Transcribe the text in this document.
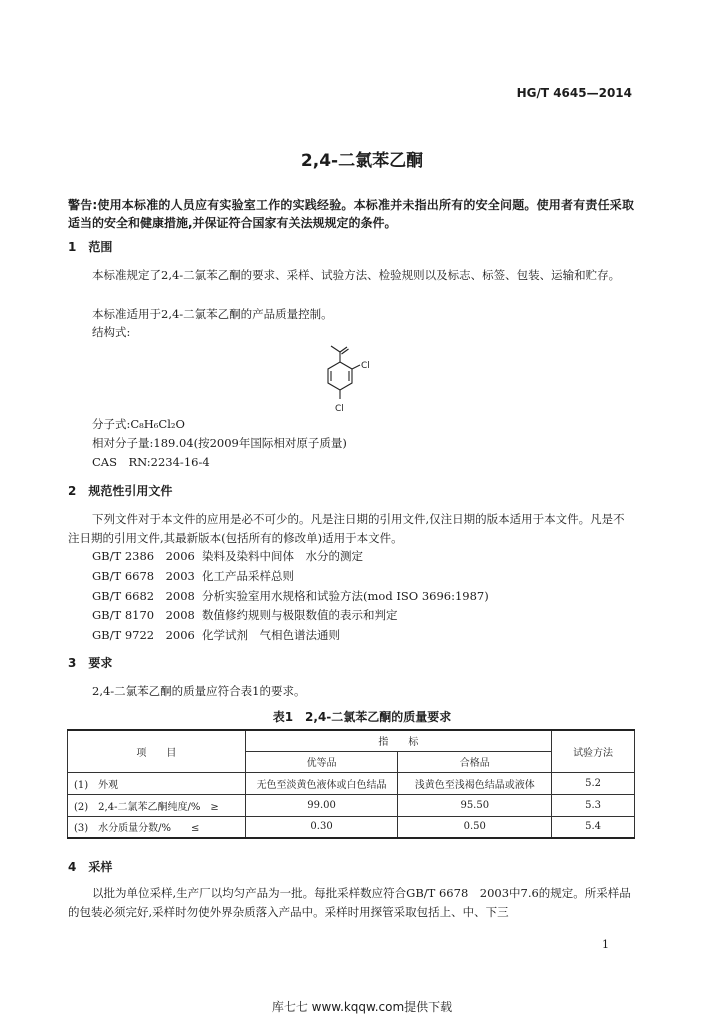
HG/T 4645—2014
2,4-二氯苯乙酮
警告:使用本标准的人员应有实验室工作的实践经验。本标准并未指出所有的安全问题。使用者有责任采取适当的安全和健康措施,并保证符合国家有关法规规定的条件。
1　范围
本标准规定了2,4-二氯苯乙酮的要求、采样、试验方法、检验规则以及标志、标签、包装、运输和贮存。
本标准适用于2,4-二氯苯乙酮的产品质量控制。
结构式:
Cl
Cl
分子式:C₈H₆Cl₂O
相对分子量:189.04(按2009年国际相对原子质量)
CAS　RN:2234-16-4
2　规范性引用文件
下列文件对于本文件的应用是必不可少的。凡是注日期的引用文件,仅注日期的版本适用于本文件。凡是不注日期的引用文件,其最新版本(包括所有的修改单)适用于本文件。
GB/T 2386　2006 染料及染料中间体　水分的测定
GB/T 6678　2003 化工产品采样总则
GB/T 6682　2008 分析实验室用水规格和试验方法(mod ISO 3696:1987)
GB/T 8170　2008 数值修约规则与极限数值的表示和判定
GB/T 9722　2006 化学试剂　气相色谱法通则
3　要求
2,4-二氯苯乙酮的质量应符合表1的要求。
表1　2,4-二氯苯乙酮的质量要求
项　　目	指　　标		试验方法
	优等品	合格品	
(1)　外观	无色至淡黄色液体或白色结晶	浅黄色至浅褐色结晶或液体	5.2
(2)　2,4-二氯苯乙酮纯度/%　≥	99.00	95.50	5.3
(3)　水分质量分数/%　　≤	0.30	0.50	5.4
4　采样
以批为单位采样,生产厂以均匀产品为一批。每批采样数应符合GB/T 6678　2003中7.6的规定。所采样品的包装必须完好,采样时勿使外界杂质落入产品中。采样时用探管采取包括上、中、下三
1
库七七 www.kqqw.com提供下载
